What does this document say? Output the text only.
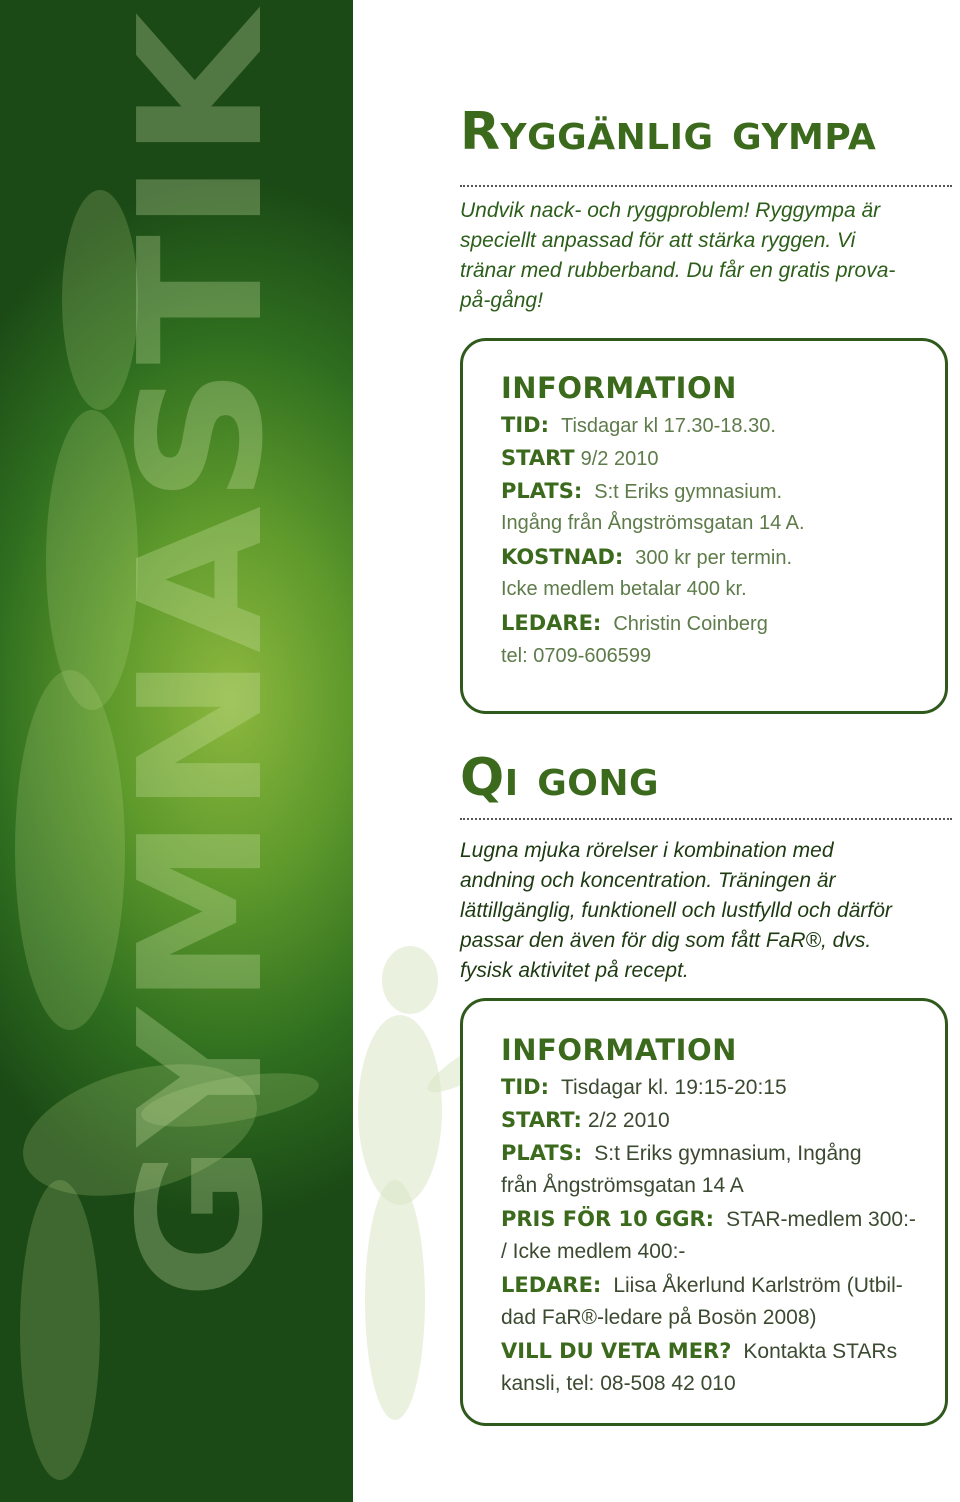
GYMNASTIK
Ryggänlig gympa
Undvik nack- och ryggproblem! Ryggympa är
speciellt anpassad för att stärka ryggen. Vi
tränar med rubberband. Du får en gratis prova-
på-gång!
INFORMATION
TID: Tisdagar kl 17.30-18.30.
START 9/2 2010
PLATS: S:t Eriks gymnasium.
Ingång från Ångströmsgatan 14 A.
KOSTNAD: 300 kr per termin.
Icke medlem betalar 400 kr.
LEDARE: Christin Coinberg
tel: 0709-606599
Qi gong
Lugna mjuka rörelser i kombination med
andning och koncentration. Träningen är
lättillgänglig, funktionell och lustfylld och därför
passar den även för dig som fått FaR®, dvs.
fysisk aktivitet på recept.
INFORMATION
TID: Tisdagar kl. 19:15-20:15
START: 2/2 2010
PLATS: S:t Eriks gymnasium, Ingång
från Ångströmsgatan 14 A
PRIS FÖR 10 GGR: STAR-medlem 300:-
/ Icke medlem 400:-
LEDARE: Liisa Åkerlund Karlström (Utbil-
dad FaR®-ledare på Bosön 2008)
VILL DU VETA MER? Kontakta STARs
kansli, tel: 08-508 42 010
